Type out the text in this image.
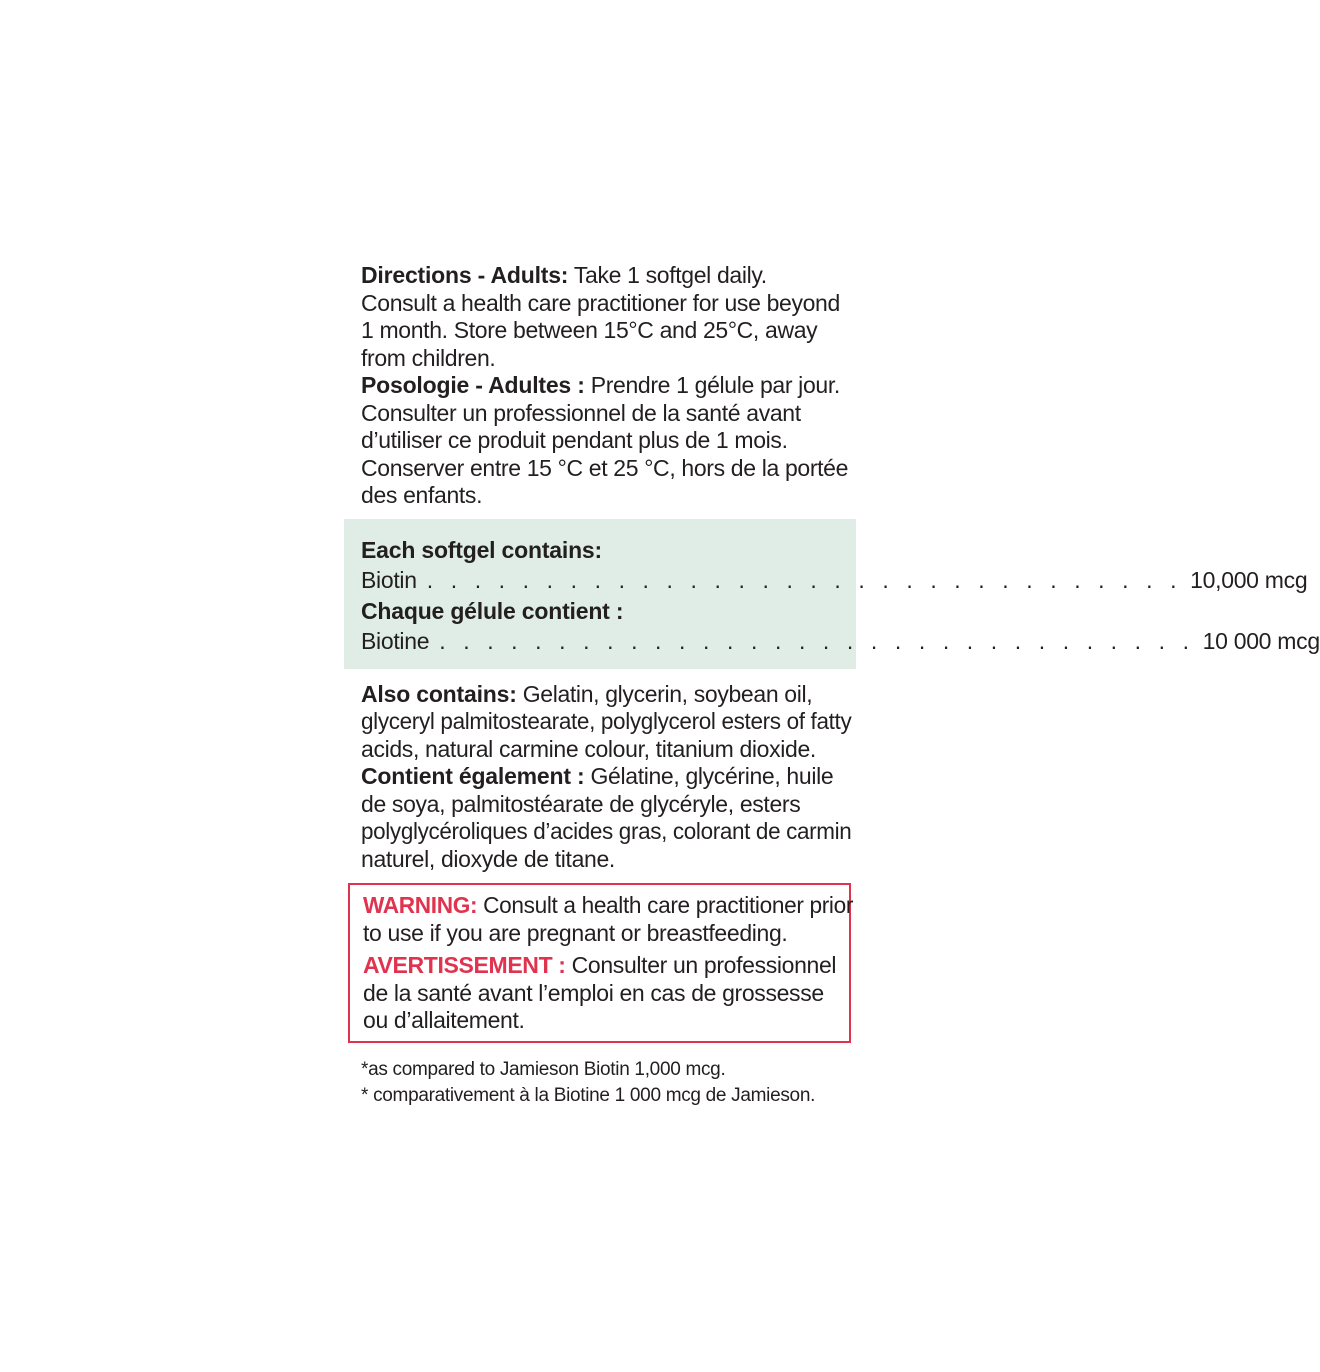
Directions - Adults: Take 1 softgel daily.
Consult a health care practitioner for use beyond
1 month. Store between 15°C and 25°C, away
from children.
Posologie - Adultes : Prendre 1 gélule par jour.
Consulter un professionnel de la santé avant
d’utiliser ce produit pendant plus de 1 mois.
Conserver entre 15 °C et 25 °C, hors de la portée
des enfants.
Each softgel contains:
Biotin . . . . . . . . . . . . . . . . . . . . . . . . . . . . . . . . 10,000 mcg
Chaque gélule contient :
Biotine . . . . . . . . . . . . . . . . . . . . . . . . . . . . . . . . 10 000 mcg
Also contains: Gelatin, glycerin, soybean oil,
glyceryl palmitostearate, polyglycerol esters of fatty
acids, natural carmine colour, titanium dioxide.
Contient également : Gélatine, glycérine, huile
de soya, palmitostéarate de glycéryle, esters
polyglycéroliques d’acides gras, colorant de carmin
naturel, dioxyde de titane.
WARNING: Consult a health care practitioner prior
to use if you are pregnant or breastfeeding.
AVERTISSEMENT : Consulter un professionnel
de la santé avant l’emploi en cas de grossesse
ou d’allaitement.
*as compared to Jamieson Biotin 1,000 mcg.
* comparativement à la Biotine 1 000 mcg de Jamieson.
